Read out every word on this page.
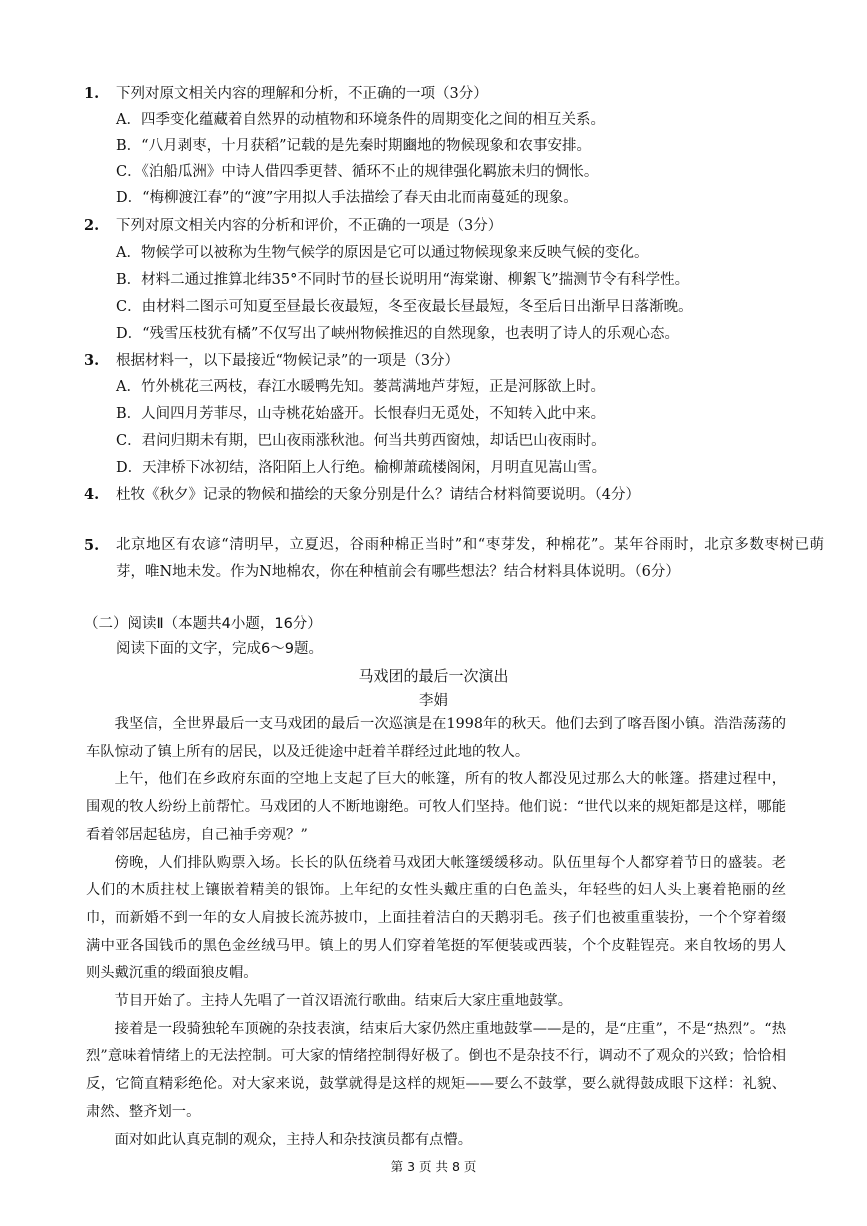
1. 下列对原文相关内容的理解和分析，不正确的一项（3分）
A．四季变化蕴藏着自然界的动植物和环境条件的周期变化之间的相互关系。
B．“八月剥枣，十月获稻”记载的是先秦时期豳地的物候现象和农事安排。
C．《泊船瓜洲》中诗人借四季更替、循环不止的规律强化羁旅未归的惆怅。
D．“梅柳渡江春”的“渡”字用拟人手法描绘了春天由北而南蔓延的现象。
2. 下列对原文相关内容的分析和评价，不正确的一项是（3分）
A．物候学可以被称为生物气候学的原因是它可以通过物候现象来反映气候的变化。
B．材料二通过推算北纬35°不同时节的昼长说明用“海棠谢、柳絮飞”揣测节令有科学性。
C．由材料二图示可知夏至昼最长夜最短，冬至夜最长昼最短，冬至后日出渐早日落渐晚。
D．“残雪压枝犹有橘”不仅写出了峡州物候推迟的自然现象，也表明了诗人的乐观心态。
3. 根据材料一，以下最接近“物候记录”的一项是（3分）
A．竹外桃花三两枝，春江水暖鸭先知。蒌蒿满地芦芽短，正是河豚欲上时。
B．人间四月芳菲尽，山寺桃花始盛开。长恨春归无觅处，不知转入此中来。
C．君问归期未有期，巴山夜雨涨秋池。何当共剪西窗烛，却话巴山夜雨时。
D．天津桥下冰初结，洛阳陌上人行绝。榆柳萧疏楼阁闲，月明直见嵩山雪。
4. 杜牧《秋夕》记录的物候和描绘的天象分别是什么？请结合材料简要说明。（4分）
5. 北京地区有农谚“清明早，立夏迟，谷雨种棉正当时”和“枣芽发，种棉花”。某年谷雨时，北京多数枣树已萌芽，唯N地未发。作为N地棉农，你在种植前会有哪些想法？结合材料具体说明。（6分）
（二）阅读Ⅱ（本题共4小题，16分）
阅读下面的文字，完成6～9题。
马戏团的最后一次演出
李娟

我坚信，全世界最后一支马戏团的最后一次巡演是在1998年的秋天。他们去到了喀吾图小镇。浩浩荡荡的车队惊动了镇上所有的居民，以及迁徙途中赶着羊群经过此地的牧人。

上午，他们在乡政府东面的空地上支起了巨大的帐篷，所有的牧人都没见过那么大的帐篷。搭建过程中，围观的牧人纷纷上前帮忙。马戏团的人不断地谢绝。可牧人们坚持。他们说：“世代以来的规矩都是这样，哪能看着邻居起毡房，自己袖手旁观？”

傍晚，人们排队购票入场。长长的队伍绕着马戏团大帐篷缓缓移动。队伍里每个人都穿着节日的盛装。老人们的木质拄杖上镶嵌着精美的银饰。上年纪的女性头戴庄重的白色盖头，年轻些的妇人头上裹着艳丽的丝巾，而新婚不到一年的女人肩披长流苏披巾，上面挂着洁白的天鹅羽毛。孩子们也被重重装扮，一个个穿着缀满中亚各国钱币的黑色金丝绒马甲。镇上的男人们穿着笔挺的军便装或西装，个个皮鞋锃亮。来自牧场的男人则头戴沉重的缎面狼皮帽。

节目开始了。主持人先唱了一首汉语流行歌曲。结束后大家庄重地鼓掌。

接着是一段骑独轮车顶碗的杂技表演，结束后大家仍然庄重地鼓掌——是的，是“庄重”，不是“热烈”。“热烈”意味着情绪上的无法控制。可大家的情绪控制得好极了。倒也不是杂技不行，调动不了观众的兴致；恰恰相反，它简直精彩绝伦。对大家来说，鼓掌就得是这样的规矩——要么不鼓掌，要么就得鼓成眼下这样：礼貌、肃然、整齐划一。

面对如此认真克制的观众，主持人和杂技演员都有点懵。

第 3 页 共 8 页
